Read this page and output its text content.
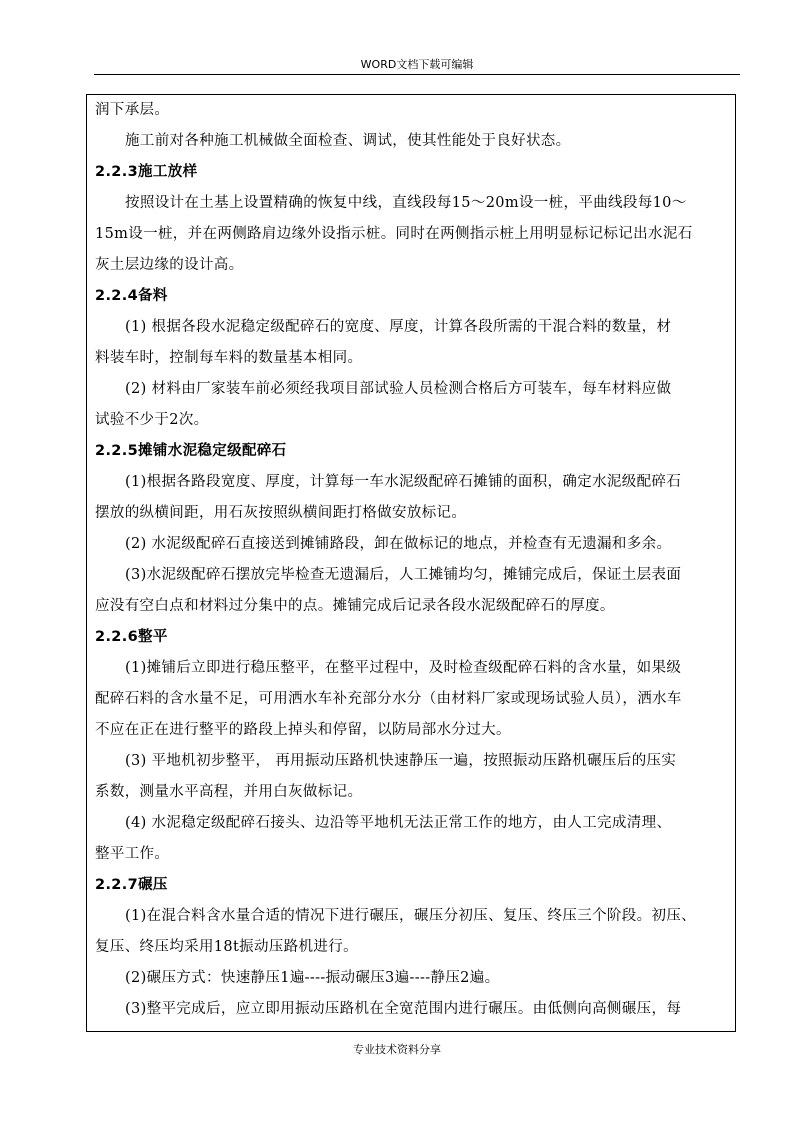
WORD文档下载可编辑
润下承层。
施工前对各种施工机械做全面检查、调试，使其性能处于良好状态。
2.2.3施工放样
按照设计在土基上设置精确的恢复中线，直线段每15～20m设一桩，平曲线段每10～
15m设一桩，并在两侧路肩边缘外设指示桩。同时在两侧指示桩上用明显标记标记出水泥石
灰土层边缘的设计高。
2.2.4备料
(1) 根据各段水泥稳定级配碎石的宽度、厚度，计算各段所需的干混合料的数量，材
料装车时，控制每车料的数量基本相同。
(2) 材料由厂家装车前必须经我项目部试验人员检测合格后方可装车，每车材料应做
试验不少于2次。
2.2.5摊铺水泥稳定级配碎石
(1)根据各路段宽度、厚度，计算每一车水泥级配碎石摊铺的面积，确定水泥级配碎石
摆放的纵横间距，用石灰按照纵横间距打格做安放标记。
(2) 水泥级配碎石直接送到摊铺路段，卸在做标记的地点，并检查有无遗漏和多余。
(3)水泥级配碎石摆放完毕检查无遗漏后，人工摊铺均匀，摊铺完成后，保证土层表面
应没有空白点和材料过分集中的点。摊铺完成后记录各段水泥级配碎石的厚度。
2.2.6整平
(1)摊铺后立即进行稳压整平，在整平过程中，及时检查级配碎石料的含水量，如果级
配碎石料的含水量不足，可用洒水车补充部分水分（由材料厂家或现场试验人员），洒水车
不应在正在进行整平的路段上掉头和停留，以防局部水分过大。
(3) 平地机初步整平， 再用振动压路机快速静压一遍，按照振动压路机碾压后的压实
系数，测量水平高程，并用白灰做标记。
(4) 水泥稳定级配碎石接头、边沿等平地机无法正常工作的地方，由人工完成清理、
整平工作。
2.2.7碾压
(1)在混合料含水量合适的情况下进行碾压，碾压分初压、复压、终压三个阶段。初压、
复压、终压均采用18t振动压路机进行。
(2)碾压方式：快速静压1遍----振动碾压3遍----静压2遍。
(3)整平完成后，应立即用振动压路机在全宽范围内进行碾压。由低侧向高侧碾压，每
专业技术资料分享
